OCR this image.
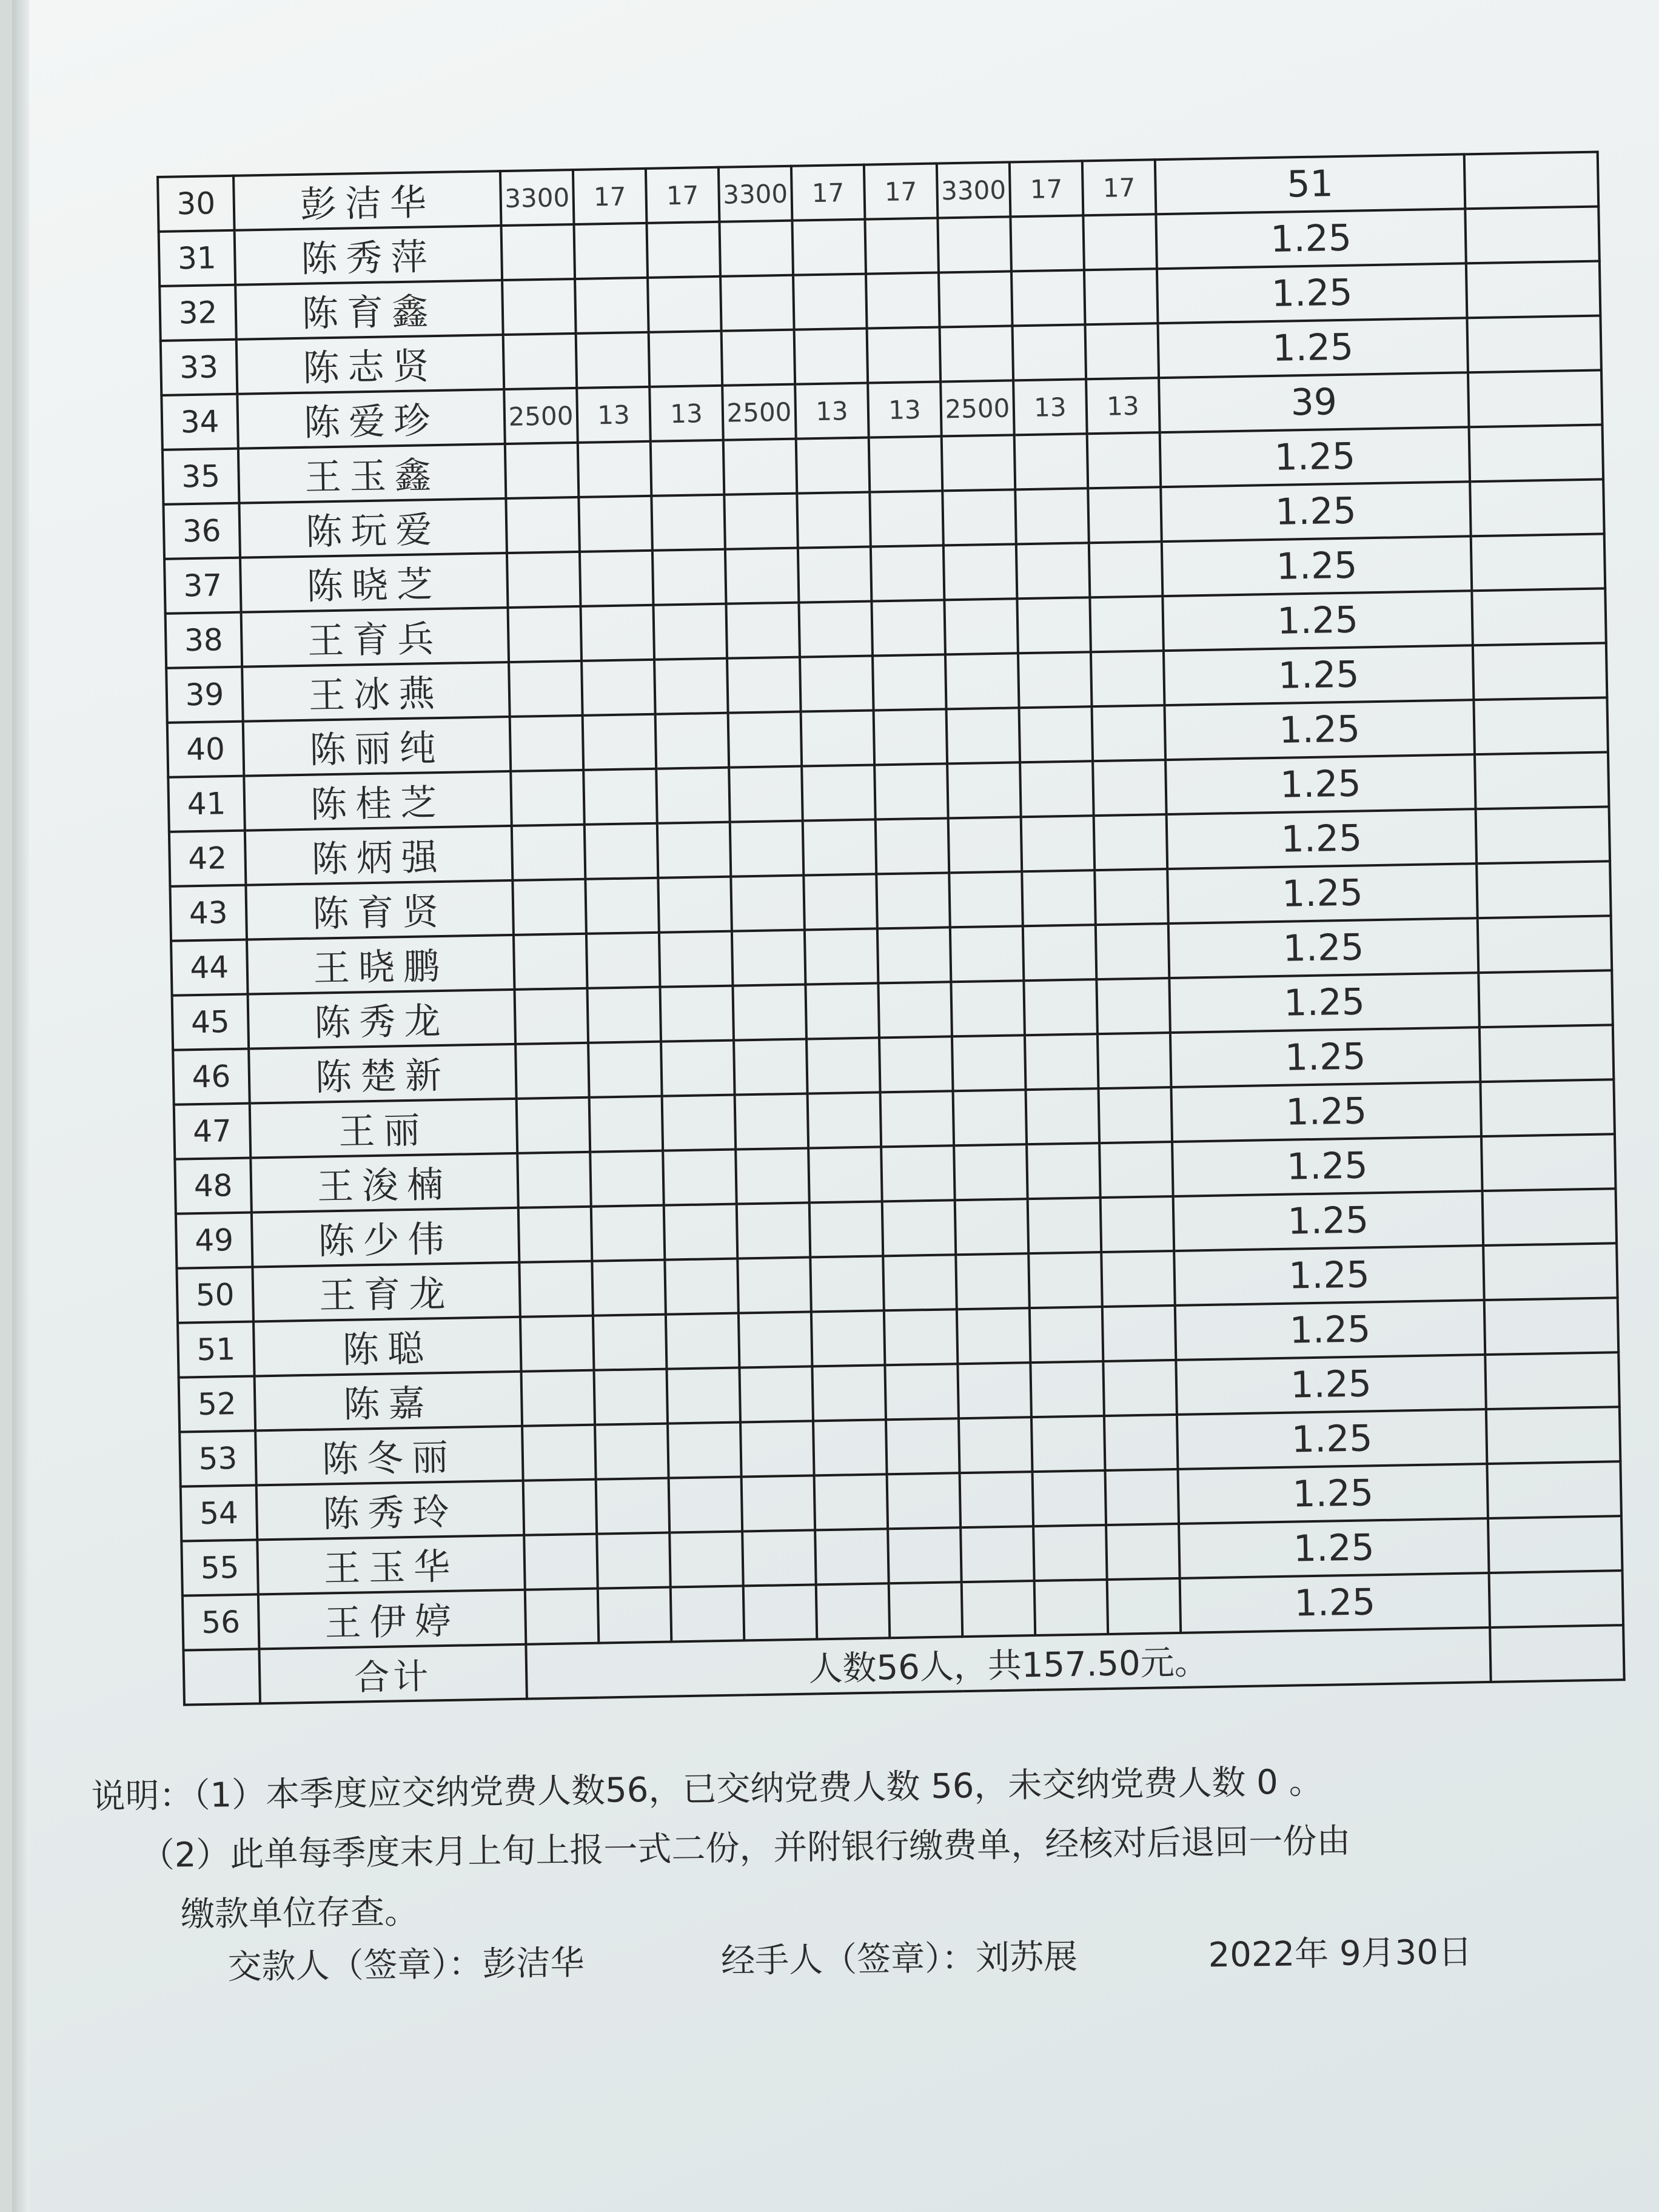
30	彭洁华	3300	17	17	3300	17	17	3300	17	17	51	
31	陈秀萍										1.25	
32	陈育鑫										1.25	
33	陈志贤										1.25	
34	陈爱珍	2500	13	13	2500	13	13	2500	13	13	39	
35	王玉鑫										1.25	
36	陈玩爱										1.25	
37	陈晓芝										1.25	
38	王育兵										1.25	
39	王冰燕										1.25	
40	陈丽纯										1.25	
41	陈桂芝										1.25	
42	陈炳强										1.25	
43	陈育贤										1.25	
44	王晓鹏										1.25	
45	陈秀龙										1.25	
46	陈楚新										1.25	
47	王丽										1.25	
48	王浚楠										1.25	
49	陈少伟										1.25	
50	王育龙										1.25	
51	陈聪										1.25	
52	陈嘉										1.25	
53	陈冬丽										1.25	
54	陈秀玲										1.25	
55	王玉华										1.25	
56	王伊婷										1.25	
	合计	人数56人，共157.50元。										
说明：（1）本季度应交纳党费人数56，已交纳党费人数 56，未交纳党费人数 0 。
（2）此单每季度末月上旬上报一式二份，并附银行缴费单，经核对后退回一份由
缴款单位存查。
交款人（签章）：彭洁华	经手人（签章）：刘苏展	2022年 9月30日
